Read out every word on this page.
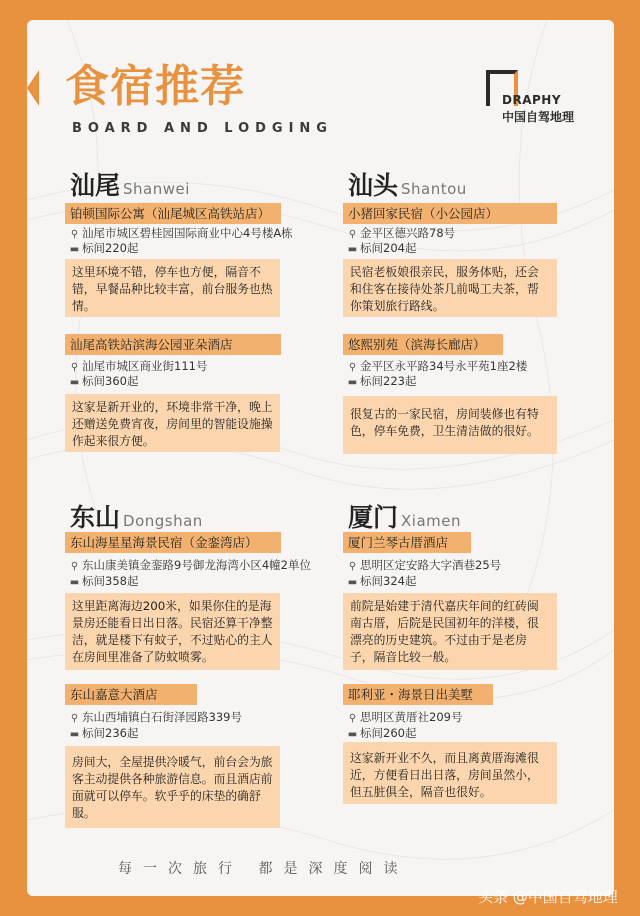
食宿推荐
BOARD AND LODGING
DRAPHY
中国自驾地理
汕尾 Shanwei
铂顿国际公寓（汕尾城区高铁站店）
⚲ 汕尾市城区碧桂园国际商业中心4号楼A栋
▬ 标间220起
这里环境不错，停车也方便，隔音不错，早餐品种比较丰富，前台服务也热情。
汕尾高铁站滨海公园亚朵酒店
⚲ 汕尾市城区商业街111号
▬ 标间360起
这家是新开业的，环境非常干净，晚上还赠送免费宵夜，房间里的智能设施操作起来很方便。
汕头 Shantou
小猪回家民宿（小公园店）
⚲ 金平区德兴路78号
▬ 标间204起
民宿老板娘很亲民，服务体贴，还会和住客在接待处茶几前喝工夫茶，帮你策划旅行路线。
悠熙别苑（滨海长廊店）
⚲ 金平区永平路34号永平苑1座2楼
▬ 标间223起
很复古的一家民宿，房间装修也有特色，停车免费，卫生清洁做的很好。
东山 Dongshan
东山海星星海景民宿（金銮湾店）
⚲ 东山康美镇金銮路9号御龙海湾小区4幢2单位
▬ 标间358起
这里距离海边200米，如果你住的是海景房还能看日出日落。民宿还算干净整洁，就是楼下有蚊子，不过贴心的主人在房间里准备了防蚊喷雾。
东山嘉意大酒店
⚲ 东山西埔镇白石街泽园路339号
▬ 标间236起
房间大，全屋提供冷暖气，前台会为旅客主动提供各种旅游信息。而且酒店前面就可以停车。软乎乎的床垫的确舒服。
厦门 Xiamen
厦门兰琴古厝酒店
⚲ 思明区定安路大字酒巷25号
▬ 标间324起
前院是始建于清代嘉庆年间的红砖闽南古厝，后院是民国初年的洋楼，很漂亮的历史建筑。不过由于是老房子，隔音比较一般。
耶利亚・海景日出美墅
⚲ 思明区黄厝社209号
▬ 标间260起
这家新开业不久，而且离黄厝海滩很近，方便看日出日落，房间虽然小，但五脏俱全，隔音也很好。
每一次旅行 都是深度阅读
头条 @中国自驾地理
